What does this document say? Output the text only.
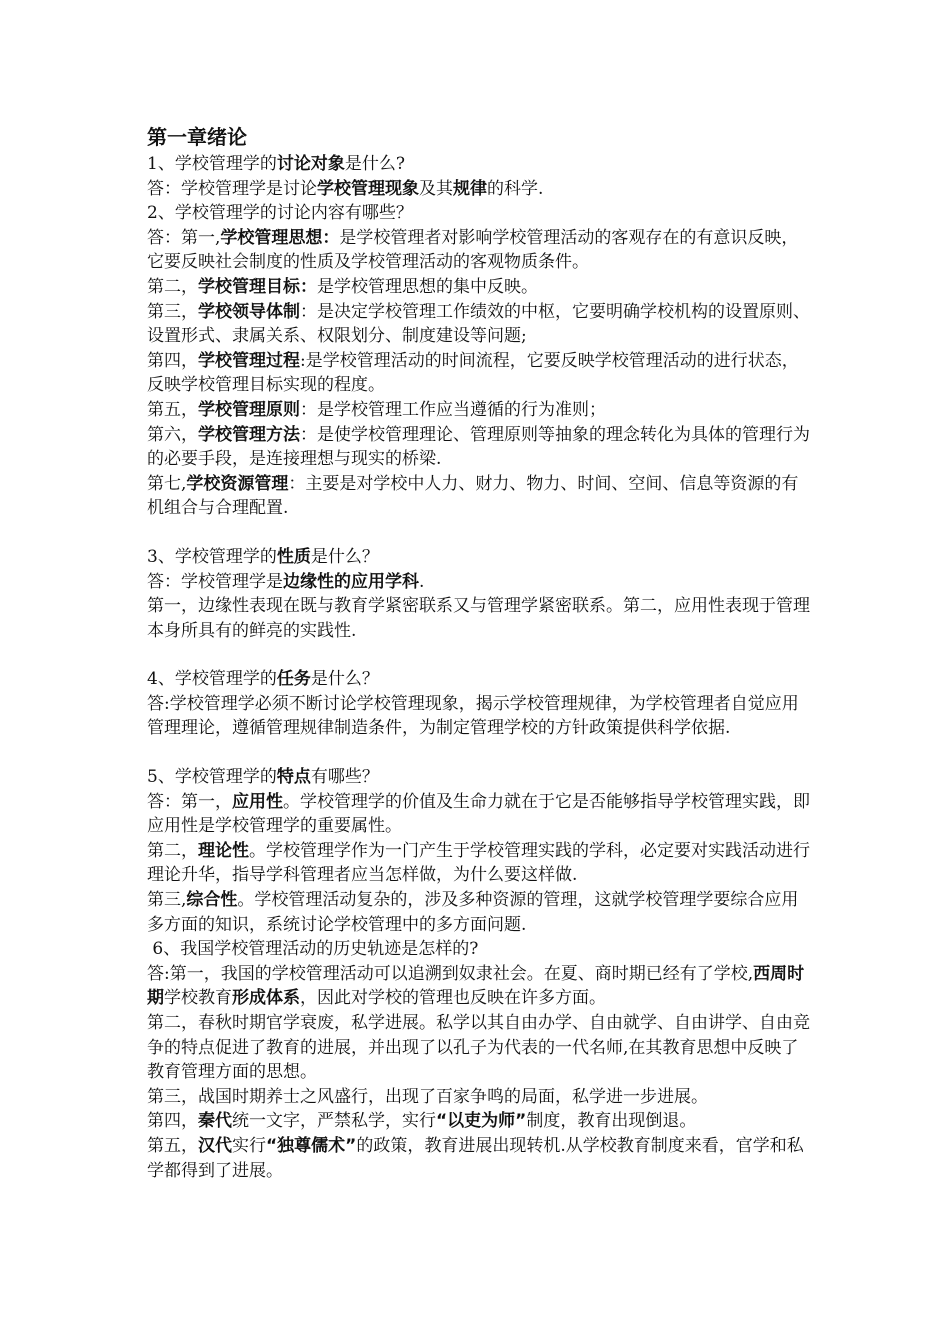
第一章绪论

1、学校管理学的讨论对象是什么?

答：学校管理学是讨论学校管理现象及其规律的科学.

2、学校管理学的讨论内容有哪些？

答：第一,学校管理思想：是学校管理者对影响学校管理活动的客观存在的有意识反映，它要反映社会制度的性质及学校管理活动的客观物质条件。

第二，学校管理目标：是学校管理思想的集中反映。

第三，学校领导体制：是决定学校管理工作绩效的中枢，它要明确学校机构的设置原则、设置形式、隶属关系、权限划分、制度建设等问题;

第四，学校管理过程:是学校管理活动的时间流程，它要反映学校管理活动的进行状态，反映学校管理目标实现的程度。

第五，学校管理原则：是学校管理工作应当遵循的行为准则；

第六，学校管理方法：是使学校管理理论、管理原则等抽象的理念转化为具体的管理行为的必要手段，是连接理想与现实的桥梁.

第七,学校资源管理：主要是对学校中人力、财力、物力、时间、空间、信息等资源的有机组合与合理配置.

3、学校管理学的性质是什么？

答：学校管理学是边缘性的应用学科.

第一，边缘性表现在既与教育学紧密联系又与管理学紧密联系。第二，应用性表现于管理本身所具有的鲜亮的实践性.

4、学校管理学的任务是什么？

答:学校管理学必须不断讨论学校管理现象，揭示学校管理规律，为学校管理者自觉应用管理理论，遵循管理规律制造条件，为制定管理学校的方针政策提供科学依据.

5、学校管理学的特点有哪些？

答：第一，应用性。学校管理学的价值及生命力就在于它是否能够指导学校管理实践，即应用性是学校管理学的重要属性。

第二，理论性。学校管理学作为一门产生于学校管理实践的学科，必定要对实践活动进行理论升华，指导学科管理者应当怎样做，为什么要这样做.

第三,综合性。学校管理活动复杂的，涉及多种资源的管理，这就学校管理学要综合应用多方面的知识，系统讨论学校管理中的多方面问题.

6、我国学校管理活动的历史轨迹是怎样的?

答:第一，我国的学校管理活动可以追溯到奴隶社会。在夏、商时期已经有了学校,西周时期学校教育形成体系，因此对学校的管理也反映在许多方面。

第二，春秋时期官学衰废，私学进展。私学以其自由办学、自由就学、自由讲学、自由竞争的特点促进了教育的进展，并出现了以孔子为代表的一代名师,在其教育思想中反映了教育管理方面的思想。

第三，战国时期养士之风盛行，出现了百家争鸣的局面，私学进一步进展。

第四，秦代统一文字，严禁私学，实行“以吏为师”制度，教育出现倒退。

第五，汉代实行“独尊儒术”的政策，教育进展出现转机.从学校教育制度来看，官学和私学都得到了进展。
